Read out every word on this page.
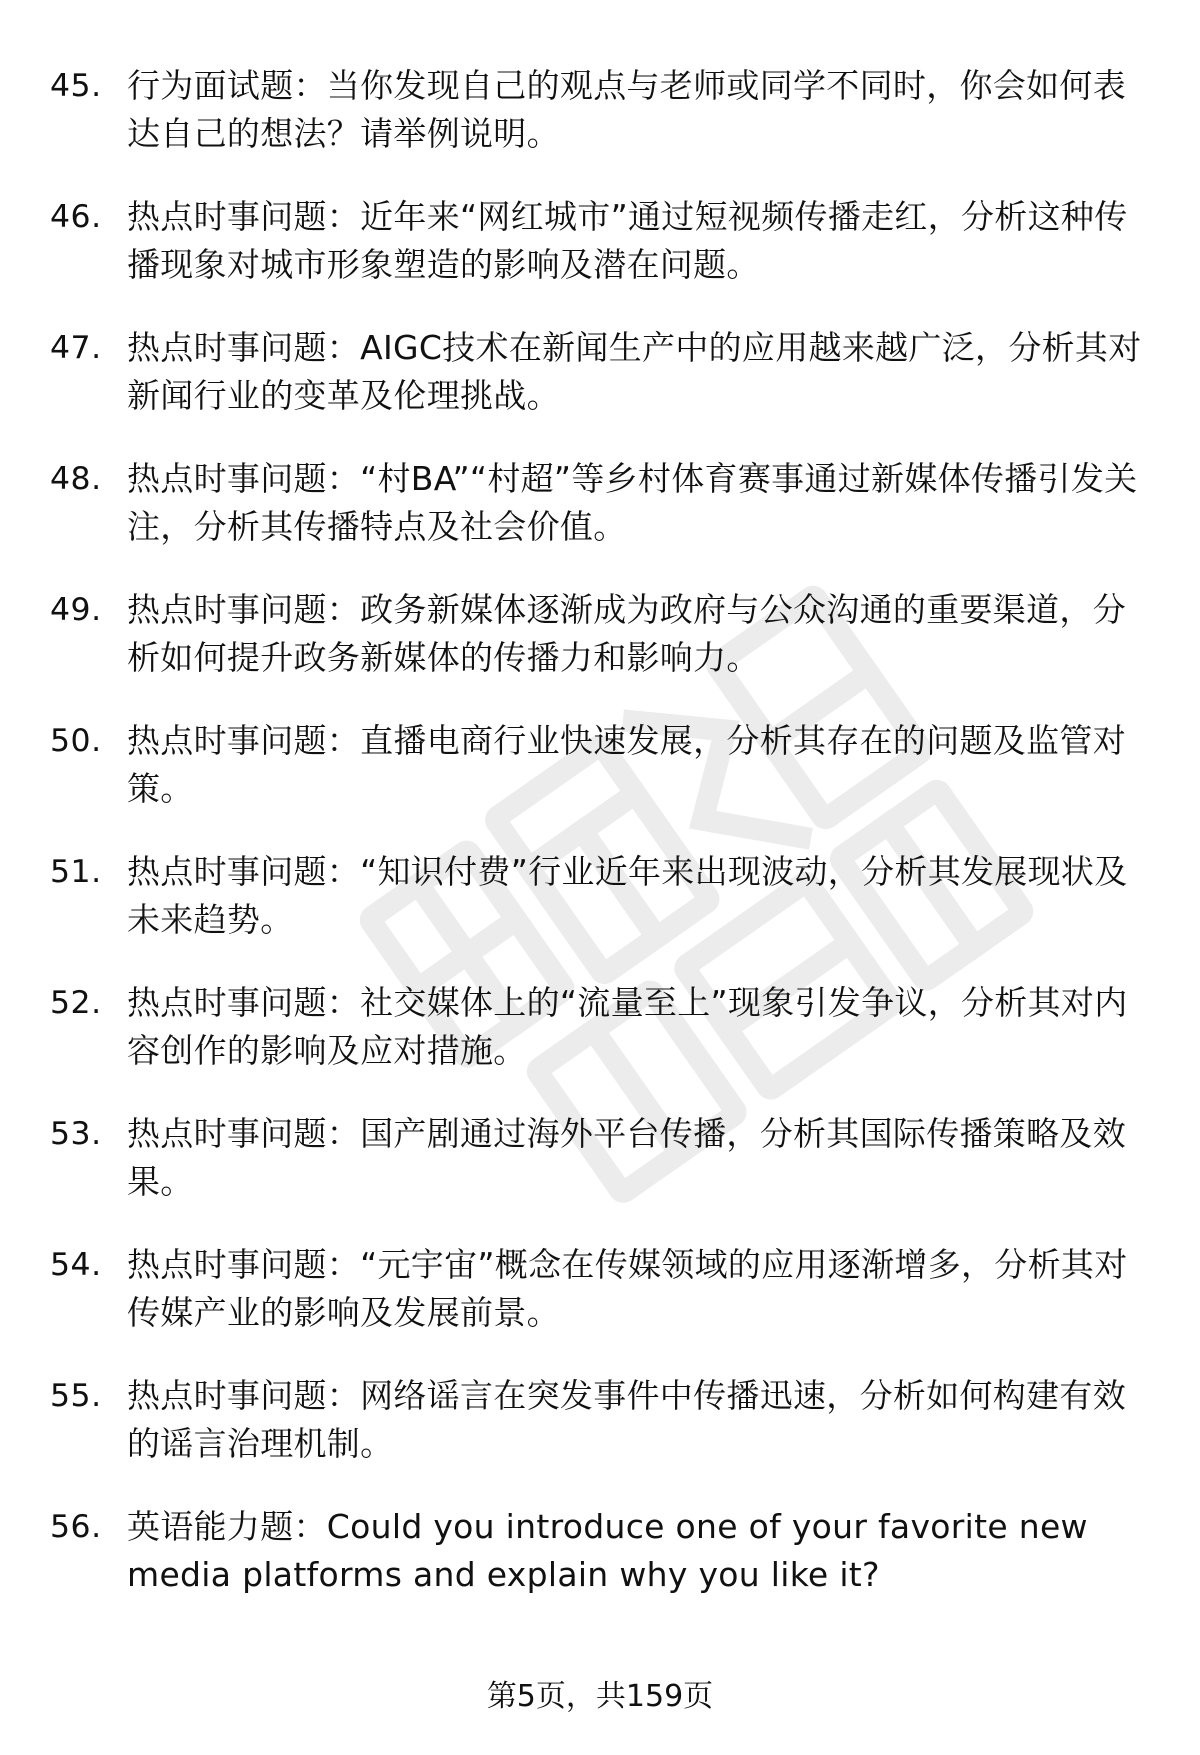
45. 行为面试题：当你发现自己的观点与老师或同学不同时，你会如何表达自己的想法？请举例说明。
46. 热点时事问题：近年来“网红城市”通过短视频传播走红，分析这种传播现象对城市形象塑造的影响及潜在问题。
47. 热点时事问题：AIGC技术在新闻生产中的应用越来越广泛，分析其对新闻行业的变革及伦理挑战。
48. 热点时事问题：“村BA”“村超”等乡村体育赛事通过新媒体传播引发关注，分析其传播特点及社会价值。
49. 热点时事问题：政务新媒体逐渐成为政府与公众沟通的重要渠道，分析如何提升政务新媒体的传播力和影响力。
50. 热点时事问题：直播电商行业快速发展，分析其存在的问题及监管对策。
51. 热点时事问题：“知识付费”行业近年来出现波动，分析其发展现状及未来趋势。
52. 热点时事问题：社交媒体上的“流量至上”现象引发争议，分析其对内容创作的影响及应对措施。
53. 热点时事问题：国产剧通过海外平台传播，分析其国际传播策略及效果。
54. 热点时事问题：“元宇宙”概念在传媒领域的应用逐渐增多，分析其对传媒产业的影响及发展前景。
55. 热点时事问题：网络谣言在突发事件中传播迅速，分析如何构建有效的谣言治理机制。
56. 英语能力题：Could you introduce one of your favorite new media platforms and explain why you like it?
第5页，共159页
